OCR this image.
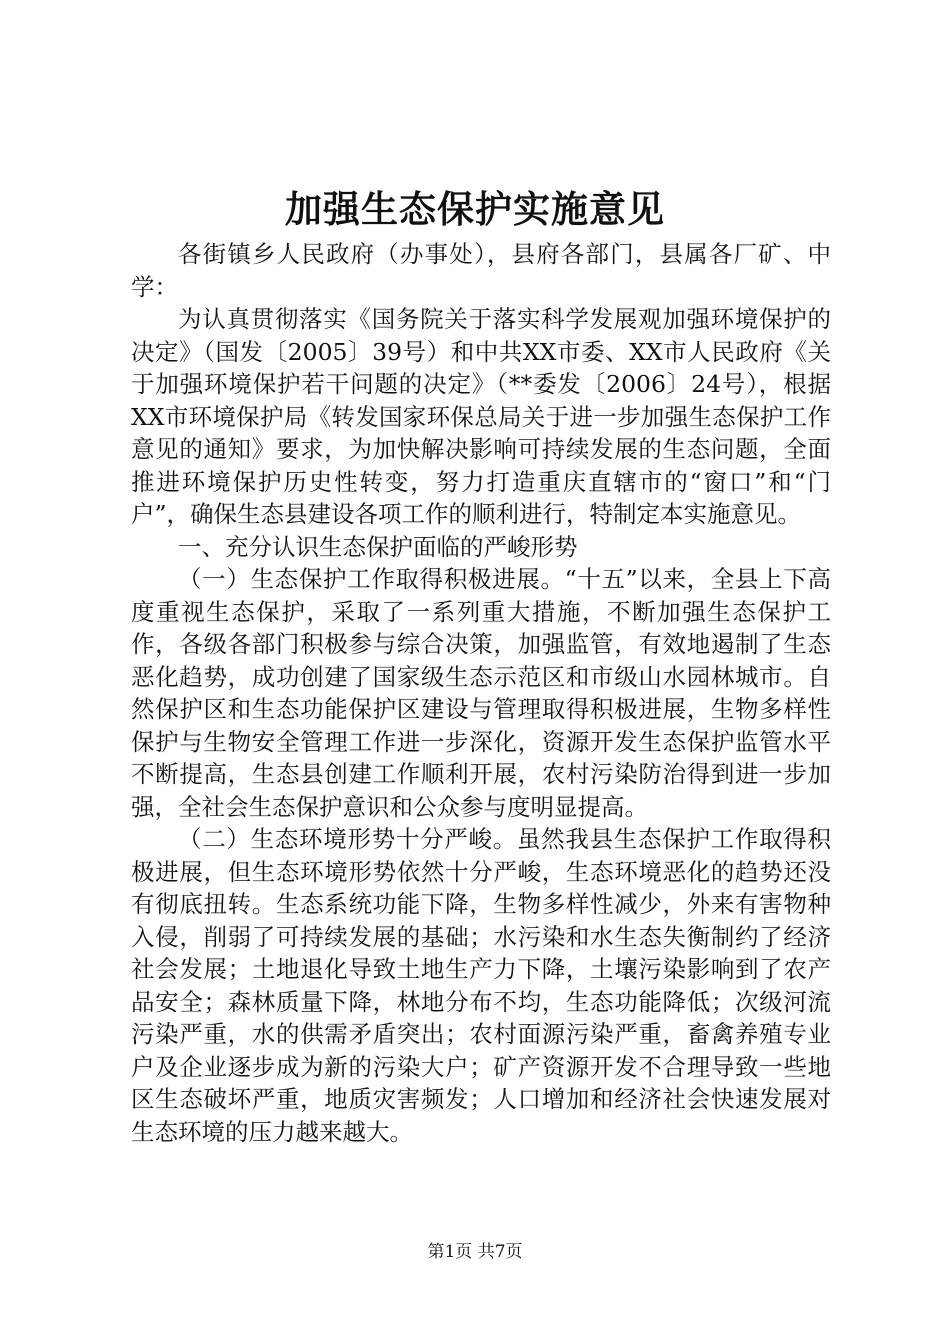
加强生态保护实施意见

各街镇乡人民政府（办事处），县府各部门，县属各厂矿、中学：

为认真贯彻落实《国务院关于落实科学发展观加强环境保护的决定》（国发〔2005〕39号）和中共XX市委、XX市人民政府《关于加强环境保护若干问题的决定》（**委发〔2006〕24号），根据XX市环境保护局《转发国家环保总局关于进一步加强生态保护工作意见的通知》要求，为加快解决影响可持续发展的生态问题，全面推进环境保护历史性转变，努力打造重庆直辖市的“窗口”和“门户”，确保生态县建设各项工作的顺利进行，特制定本实施意见。

一、充分认识生态保护面临的严峻形势

（一）生态保护工作取得积极进展。“十五”以来，全县上下高度重视生态保护，采取了一系列重大措施，不断加强生态保护工作，各级各部门积极参与综合决策，加强监管，有效地遏制了生态恶化趋势，成功创建了国家级生态示范区和市级山水园林城市。自然保护区和生态功能保护区建设与管理取得积极进展，生物多样性保护与生物安全管理工作进一步深化，资源开发生态保护监管水平不断提高，生态县创建工作顺利开展，农村污染防治得到进一步加强，全社会生态保护意识和公众参与度明显提高。

（二）生态环境形势十分严峻。虽然我县生态保护工作取得积极进展，但生态环境形势依然十分严峻，生态环境恶化的趋势还没有彻底扭转。生态系统功能下降，生物多样性减少，外来有害物种入侵，削弱了可持续发展的基础；水污染和水生态失衡制约了经济社会发展；土地退化导致土地生产力下降，土壤污染影响到了农产品安全；森林质量下降，林地分布不均，生态功能降低；次级河流污染严重，水的供需矛盾突出；农村面源污染严重，畜禽养殖专业户及企业逐步成为新的污染大户；矿产资源开发不合理导致一些地区生态破坏严重，地质灾害频发；人口增加和经济社会快速发展对生态环境的压力越来越大。

第1页 共7页
